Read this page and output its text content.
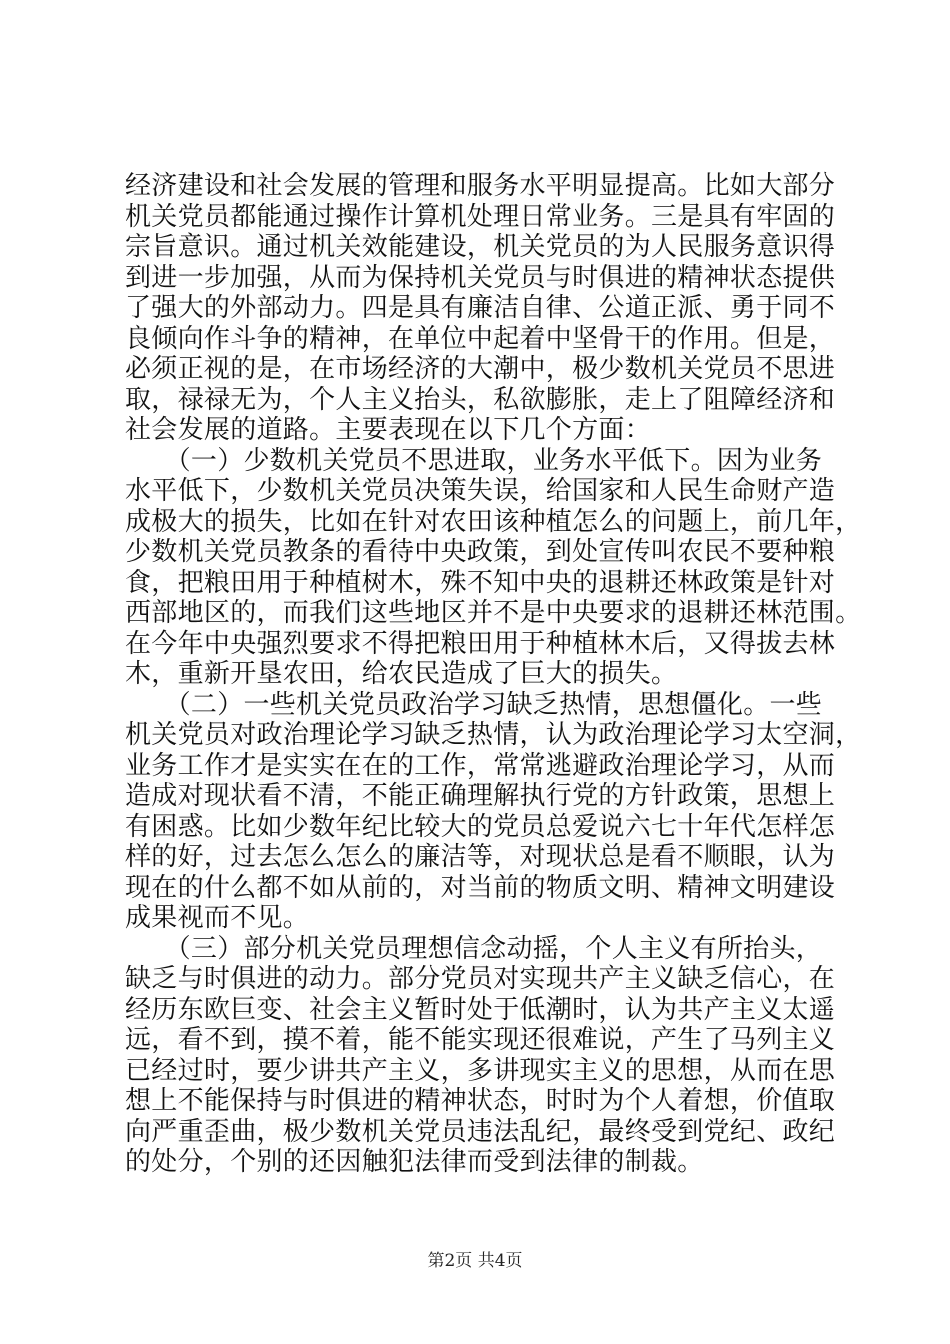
经济建设和社会发展的管理和服务水平明显提高。比如大部分
机关党员都能通过操作计算机处理日常业务。三是具有牢固的
宗旨意识。通过机关效能建设，机关党员的为人民服务意识得
到进一步加强，从而为保持机关党员与时俱进的精神状态提供
了强大的外部动力。四是具有廉洁自律、公道正派、勇于同不
良倾向作斗争的精神，在单位中起着中坚骨干的作用。但是，
必须正视的是，在市场经济的大潮中，极少数机关党员不思进
取，禄禄无为，个人主义抬头，私欲膨胀，走上了阻障经济和
社会发展的道路。主要表现在以下几个方面：
　　（一）少数机关党员不思进取，业务水平低下。因为业务
水平低下，少数机关党员决策失误，给国家和人民生命财产造
成极大的损失，比如在针对农田该种植怎么的问题上，前几年，
少数机关党员教条的看待中央政策，到处宣传叫农民不要种粮
食，把粮田用于种植树木，殊不知中央的退耕还林政策是针对
西部地区的，而我们这些地区并不是中央要求的退耕还林范围。
在今年中央强烈要求不得把粮田用于种植林木后，又得拔去林
木，重新开垦农田，给农民造成了巨大的损失。
　　（二）一些机关党员政治学习缺乏热情，思想僵化。一些
机关党员对政治理论学习缺乏热情，认为政治理论学习太空洞，
业务工作才是实实在在的工作，常常逃避政治理论学习，从而
造成对现状看不清，不能正确理解执行党的方针政策，思想上
有困惑。比如少数年纪比较大的党员总爱说六七十年代怎样怎
样的好，过去怎么怎么的廉洁等，对现状总是看不顺眼，认为
现在的什么都不如从前的，对当前的物质文明、精神文明建设
成果视而不见。
　　（三）部分机关党员理想信念动摇，个人主义有所抬头，
缺乏与时俱进的动力。部分党员对实现共产主义缺乏信心，在
经历东欧巨变、社会主义暂时处于低潮时，认为共产主义太遥
远，看不到，摸不着，能不能实现还很难说，产生了马列主义
已经过时，要少讲共产主义，多讲现实主义的思想，从而在思
想上不能保持与时俱进的精神状态，时时为个人着想，价值取
向严重歪曲，极少数机关党员违法乱纪，最终受到党纪、政纪
的处分，个别的还因触犯法律而受到法律的制裁。
第2页 共4页
